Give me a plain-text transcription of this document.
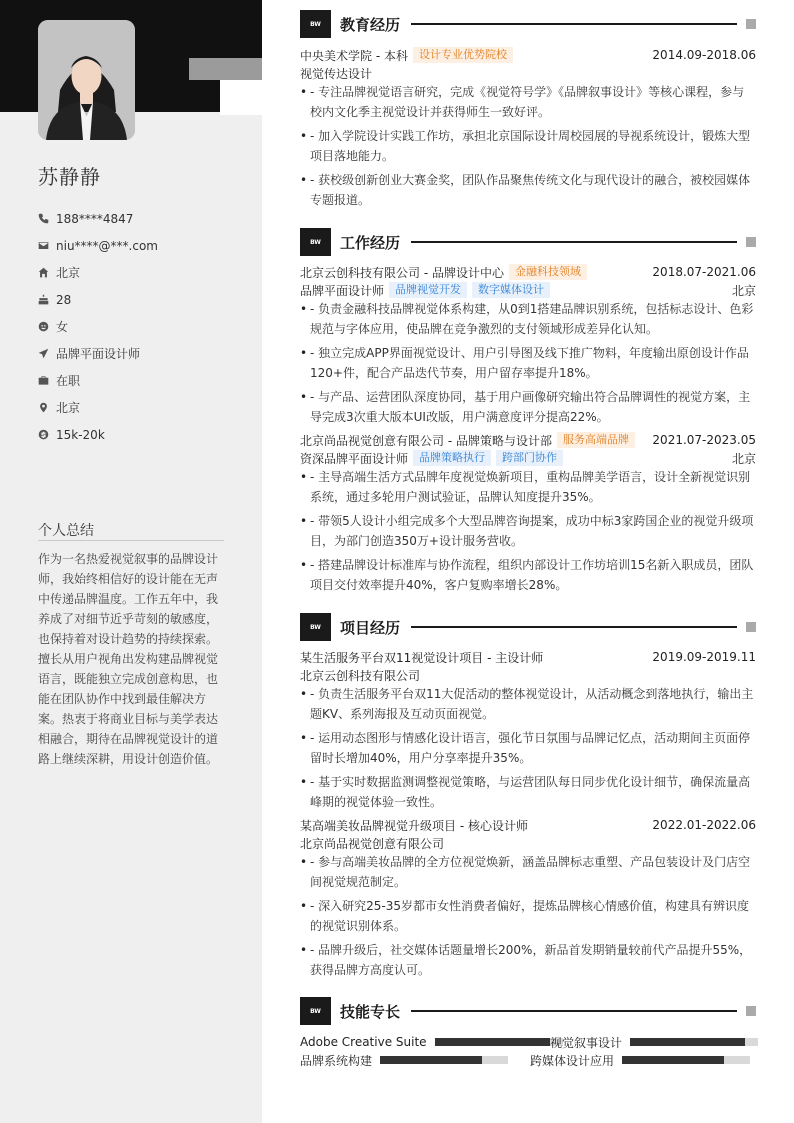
苏静静
188****4847
niu****@***.com
北京
28
女
品牌平面设计师
在职
北京
15k-20k
个人总结
作为一名热爱视觉叙事的品牌设计师，我始终相信好的设计能在无声中传递品牌温度。工作五年中，我养成了对细节近乎苛刻的敏感度，也保持着对设计趋势的持续探索。擅长从用户视角出发构建品牌视觉语言，既能独立完成创意构思，也能在团队协作中找到最佳解决方案。热衷于将商业目标与美学表达相融合，期待在品牌视觉设计的道路上继续深耕，用设计创造价值。
BW	教育经历
中央美术学院 - 本科	设计专业优势院校	2014.09-2018.06
视觉传达设计
• - 专注品牌视觉语言研究，完成《视觉符号学》《品牌叙事设计》等核心课程，参与校内文化季主视觉设计并获得师生一致好评。
• - 加入学院设计实践工作坊，承担北京国际设计周校园展的导视系统设计，锻炼大型项目落地能力。
• - 获校级创新创业大赛金奖，团队作品聚焦传统文化与现代设计的融合，被校园媒体专题报道。
BW	工作经历
北京云创科技有限公司 - 品牌设计中心	金融科技领域	2018.07-2021.06
品牌平面设计师	品牌视觉开发	数字媒体设计	北京
• - 负责金融科技品牌视觉体系构建，从0到1搭建品牌识别系统，包括标志设计、色彩规范与字体应用，使品牌在竞争激烈的支付领域形成差异化认知。
• - 独立完成APP界面视觉设计、用户引导图及线下推广物料，年度输出原创设计作品120+件，配合产品迭代节奏，用户留存率提升18%。
• - 与产品、运营团队深度协同，基于用户画像研究输出符合品牌调性的视觉方案，主导完成3次重大版本UI改版，用户满意度评分提高22%。
北京尚品视觉创意有限公司 - 品牌策略与设计部	服务高端品牌	2021.07-2023.05
资深品牌平面设计师	品牌策略执行	跨部门协作	北京
• - 主导高端生活方式品牌年度视觉焕新项目，重构品牌美学语言，设计全新视觉识别系统，通过多轮用户测试验证，品牌认知度提升35%。
• - 带领5人设计小组完成多个大型品牌咨询提案，成功中标3家跨国企业的视觉升级项目，为部门创造350万+设计服务营收。
• - 搭建品牌设计标准库与协作流程，组织内部设计工作坊培训15名新入职成员，团队项目交付效率提升40%，客户复购率增长28%。
BW	项目经历
某生活服务平台双11视觉设计项目 - 主设计师	2019.09-2019.11
北京云创科技有限公司
• - 负责生活服务平台双11大促活动的整体视觉设计，从活动概念到落地执行，输出主题KV、系列海报及互动页面视觉。
• - 运用动态图形与情感化设计语言，强化节日氛围与品牌记忆点，活动期间主页面停留时长增加40%，用户分享率提升35%。
• - 基于实时数据监测调整视觉策略，与运营团队每日同步优化设计细节，确保流量高峰期的视觉体验一致性。
某高端美妆品牌视觉升级项目 - 核心设计师	2022.01-2022.06
北京尚品视觉创意有限公司
• - 参与高端美妆品牌的全方位视觉焕新，涵盖品牌标志重塑、产品包装设计及门店空间视觉规范制定。
• - 深入研究25-35岁都市女性消费者偏好，提炼品牌核心情感价值，构建具有辨识度的视觉识别体系。
• - 品牌升级后，社交媒体话题量增长200%，新品首发期销量较前代产品提升55%，获得品牌方高度认可。
BW	技能专长
Adobe Creative Suite	视觉叙事设计
品牌系统构建	跨媒体设计应用
